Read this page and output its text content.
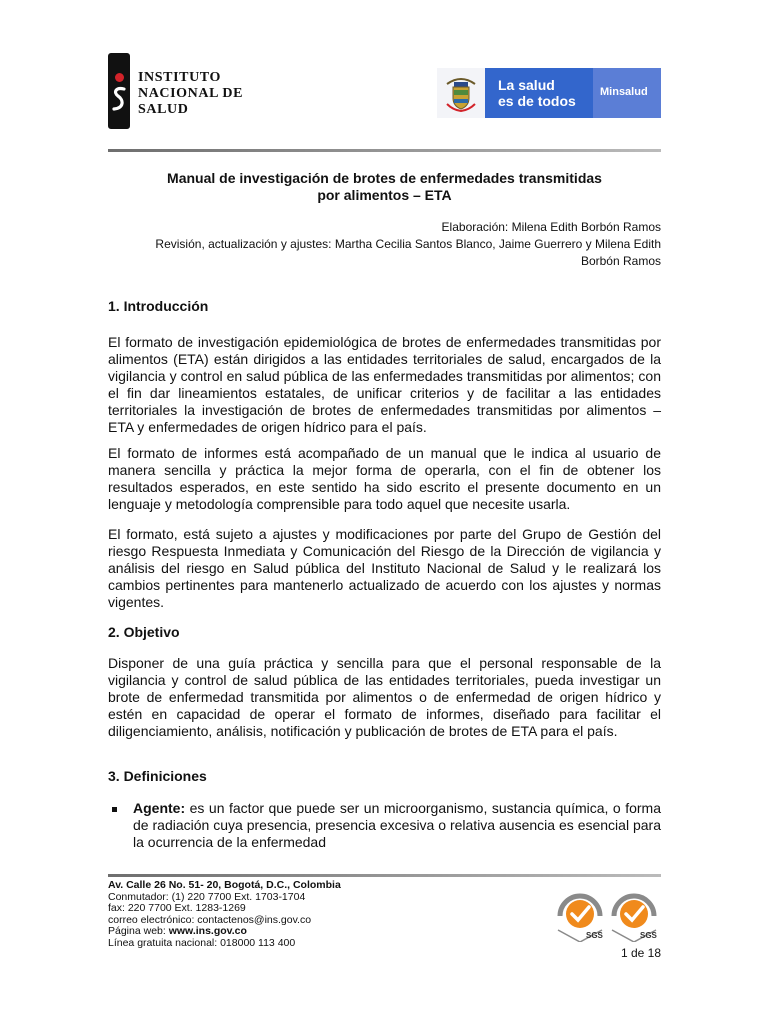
INSTITUTO
NACIONAL DE
SALUD
La salud
es de todos
Minsalud
Manual de investigación de brotes de enfermedades transmitidas
por alimentos – ETA
Elaboración: Milena Edith Borbón Ramos
Revisión, actualización y ajustes: Martha Cecilia Santos Blanco, Jaime Guerrero y Milena Edith
Borbón Ramos
1. Introducción
El formato de investigación epidemiológica de brotes de enfermedades transmitidas por alimentos (ETA) están dirigidos a las entidades territoriales de salud, encargados de la vigilancia y control en salud pública de las enfermedades transmitidas por alimentos; con el fin dar lineamientos estatales, de unificar criterios y de facilitar a las entidades territoriales la investigación de brotes de enfermedades transmitidas por alimentos – ETA y enfermedades de origen hídrico para el país.
El formato de informes está acompañado de un manual que le indica al usuario de manera sencilla y práctica la mejor forma de operarla, con el fin de obtener los resultados esperados, en este sentido ha sido escrito el presente documento en un lenguaje y metodología comprensible para todo aquel que necesite usarla.
El formato, está sujeto a ajustes y modificaciones por parte del Grupo de Gestión del riesgo Respuesta Inmediata y Comunicación del Riesgo de la Dirección de vigilancia y análisis del riesgo en Salud pública del Instituto Nacional de Salud y le realizará los cambios pertinentes para mantenerlo actualizado de acuerdo con los ajustes y normas vigentes.
2. Objetivo
Disponer de una guía práctica y sencilla para que el personal responsable de la vigilancia y control de salud pública de las entidades territoriales, pueda investigar un brote de enfermedad transmitida por alimentos o de enfermedad de origen hídrico y estén en capacidad de operar el formato de informes, diseñado para facilitar el diligenciamiento, análisis, notificación y publicación de brotes de ETA para el país.
3. Definiciones
Agente: es un factor que puede ser un microorganismo, sustancia química, o forma de radiación cuya presencia, presencia excesiva o relativa ausencia es esencial para la ocurrencia de la enfermedad
Av. Calle 26 No. 51- 20, Bogotá, D.C., Colombia
Conmutador: (1) 220 7700 Ext. 1703-1704
fax: 220 7700 Ext. 1283-1269
correo electrónico: contactenos@ins.gov.co
Página web: www.ins.gov.co
Línea gratuita nacional: 018000 113 400
SGS	SGS
1 de 18
